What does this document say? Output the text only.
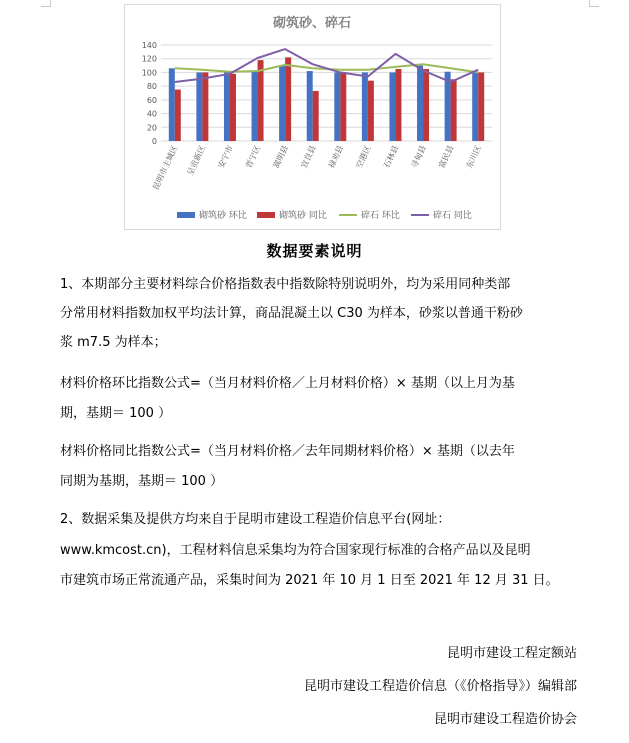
砌筑砂、碎石
0
20
40
60
80
100
120
140
昆明市主城区 呈贡新区 安宁市 晋宁区 嵩明县 宜良县 禄劝县 空港区 石林县 寻甸县 富民县 东川区
砌筑砂 环比	砌筑砂 同比	碎石 环比	碎石 同比
数据要素说明
1、本期部分主要材料综合价格指数表中指数除特别说明外，均为采用同种类部
分常用材料指数加权平均法计算，商品混凝土以 C30 为样本，砂浆以普通干粉砂
浆 m7.5 为样本；
材料价格环比指数公式=（当月材料价格／上月材料价格）× 基期（以上月为基
期，基期＝ 100 ）
材料价格同比指数公式=（当月材料价格／去年同期材料价格）× 基期（以去年
同期为基期，基期＝ 100 ）
2、数据采集及提供方均来自于昆明市建设工程造价信息平台(网址：
www.kmcost.cn)，工程材料信息采集均为符合国家现行标准的合格产品以及昆明
市建筑市场正常流通产品，采集时间为 2021 年 10 月 1 日至 2021 年 12 月 31 日。
昆明市建设工程定额站
昆明市建设工程造价信息（《价格指导》）编辑部
昆明市建设工程造价协会
